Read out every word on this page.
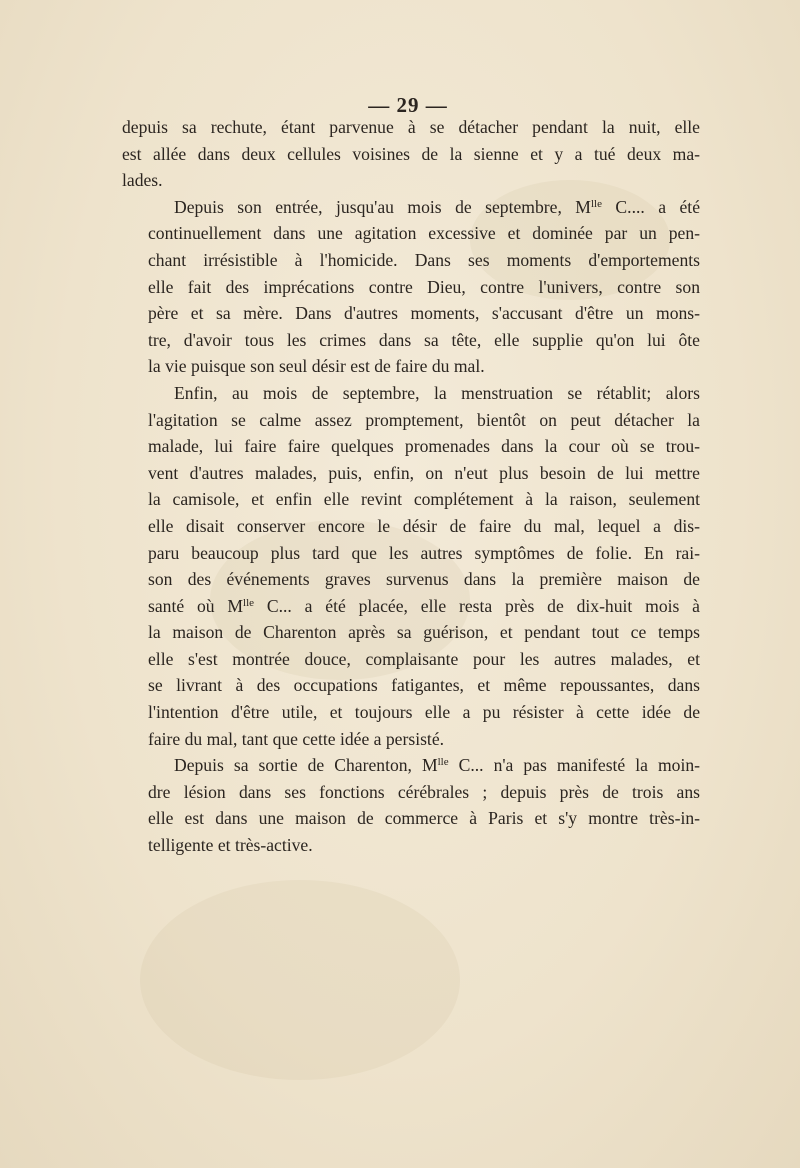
— 29 —
depuis sa rechute, étant parvenue à se détacher pendant la nuit, elle
est allée dans deux cellules voisines de la sienne et y a tué deux ma-
lades.
Depuis son entrée, jusqu'au mois de septembre, $M^{lle}$ C.... a été
continuellement dans une agitation excessive et dominée par un pen-
chant irrésistible à l'homicide. Dans ses moments d'emportements
elle fait des imprécations contre Dieu, contre l'univers, contre son
père et sa mère. Dans d'autres moments, s'accusant d'être un mons-
tre, d'avoir tous les crimes dans sa tête, elle supplie qu'on lui ôte
la vie puisque son seul désir est de faire du mal.
Enfin, au mois de septembre, la menstruation se rétablit; alors
l'agitation se calme assez promptement, bientôt on peut détacher la
malade, lui faire faire quelques promenades dans la cour où se trou-
vent d'autres malades, puis, enfin, on n'eut plus besoin de lui mettre
la camisole, et enfin elle revint complétement à la raison, seulement
elle disait conserver encore le désir de faire du mal, lequel a dis-
paru beaucoup plus tard que les autres symptômes de folie. En rai-
son des événements graves survenus dans la première maison de
santé où $M^{lle}$ C... a été placée, elle resta près de dix-huit mois à
la maison de Charenton après sa guérison, et pendant tout ce temps
elle s'est montrée douce, complaisante pour les autres malades, et
se livrant à des occupations fatigantes, et même repoussantes, dans
l'intention d'être utile, et toujours elle a pu résister à cette idée de
faire du mal, tant que cette idée a persisté.
Depuis sa sortie de Charenton, $M^{lle}$ C... n'a pas manifesté la moin-
dre lésion dans ses fonctions cérébrales ; depuis près de trois ans
elle est dans une maison de commerce à Paris et s'y montre très-in-
telligente et très-active.
